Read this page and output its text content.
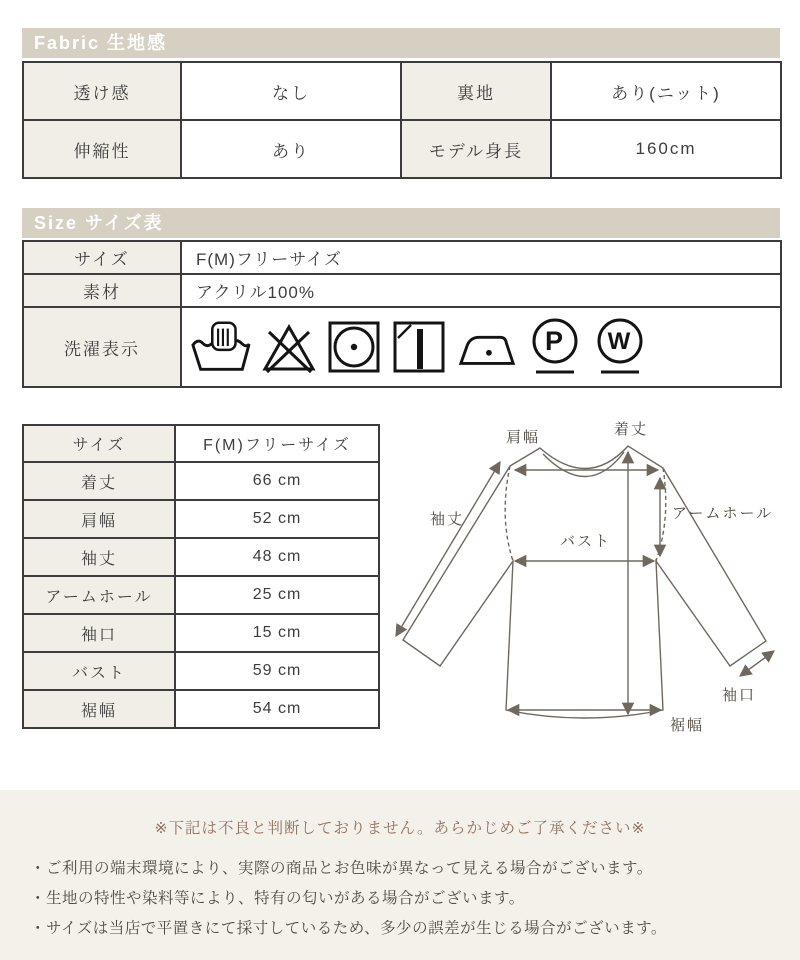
Fabric 生地感
透け感	なし	裏地	あり(ニット)
伸縮性	あり	モデル身長	160cm
Size サイズ表
サイズ	F(M)フリーサイズ
素材	アクリル100%
洗濯表示	P W
サイズ	F(M)フリーサイズ
着丈	66 cm
肩幅	52 cm
袖丈	48 cm
アームホール	25 cm
袖口	15 cm
バスト	59 cm
裾幅	54 cm
肩幅	着丈
袖丈
バスト
アームホール
袖口
裾幅
※下記は不良と判断しておりません。あらかじめご了承ください※
・ご利用の端末環境により、実際の商品とお色味が異なって見える場合がございます。
・生地の特性や染料等により、特有の匂いがある場合がございます。
・サイズは当店で平置きにて採寸しているため、多少の誤差が生じる場合がございます。
